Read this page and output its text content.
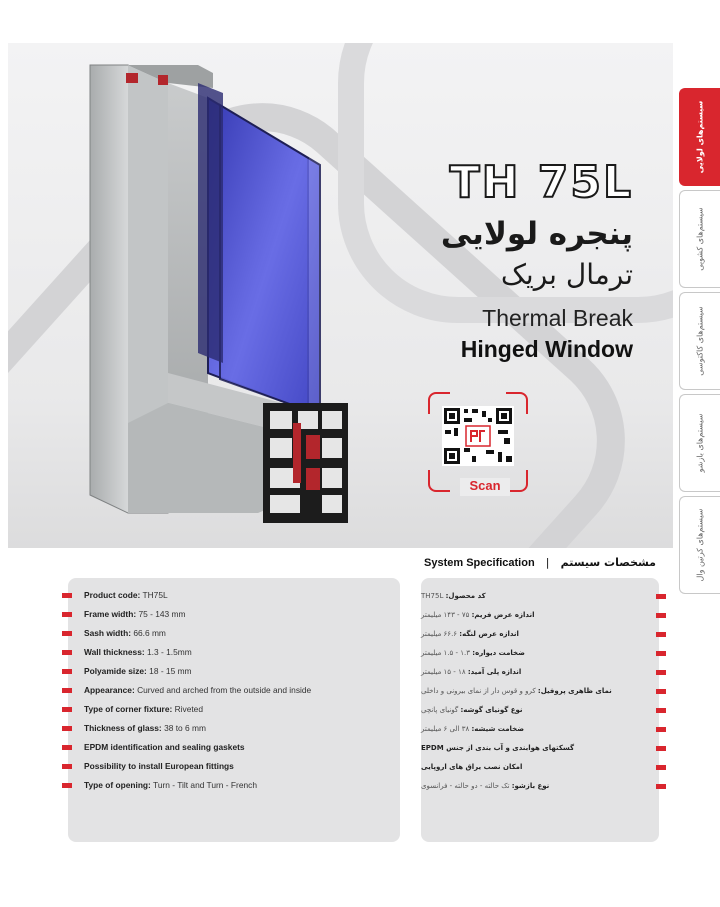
TH 75L
پنجره لولایی
ترمال بریک
Thermal Break
Hinged Window
Scan
سیستم‌های لولایی
سیستم‌های کشویی
سیستم‌های کاکتوسی
سیستم‌های بازشو
سیستم‌های کرتین وال
System Specification | مشخصات سیستم
Product code: TH75L
Frame width: 75 - 143 mm
Sash width: 66.6 mm
Wall thickness: 1.3 - 1.5mm
Polyamide size: 18 - 15 mm
Appearance: Curved and arched from the outside and inside
Type of corner fixture: Riveted
Thickness of glass: 38 to 6 mm
EPDM identification and sealing gaskets
Possibility to install European fittings
Type of opening: Turn - Tilt and Turn - French
کد محصول: TH75L
اندازه عرض فریم: ۷۵ - ۱۴۳ میلیمتر
اندازه عرض لنگه: ۶۶.۶ میلیمتر
ضخامت دیواره: ۱.۳ - ۱.۵ میلیمتر
اندازه پلی آمید: ۱۸ - ۱۵ میلیمتر
نمای ظاهری پروفیل: کرو و قوس دار از نمای بیرونی و داخلی
نوع گونیای گوشه: گونیای پانچی
ضخامت شیشه: ۳۸ الی ۶ میلیمتر
گسکتهای هوابندی و آب بندی از جنس EPDM
امکان نصب یراق های اروپایی
نوع بازشو: تک حالته - دو حالته - فرانسوی
